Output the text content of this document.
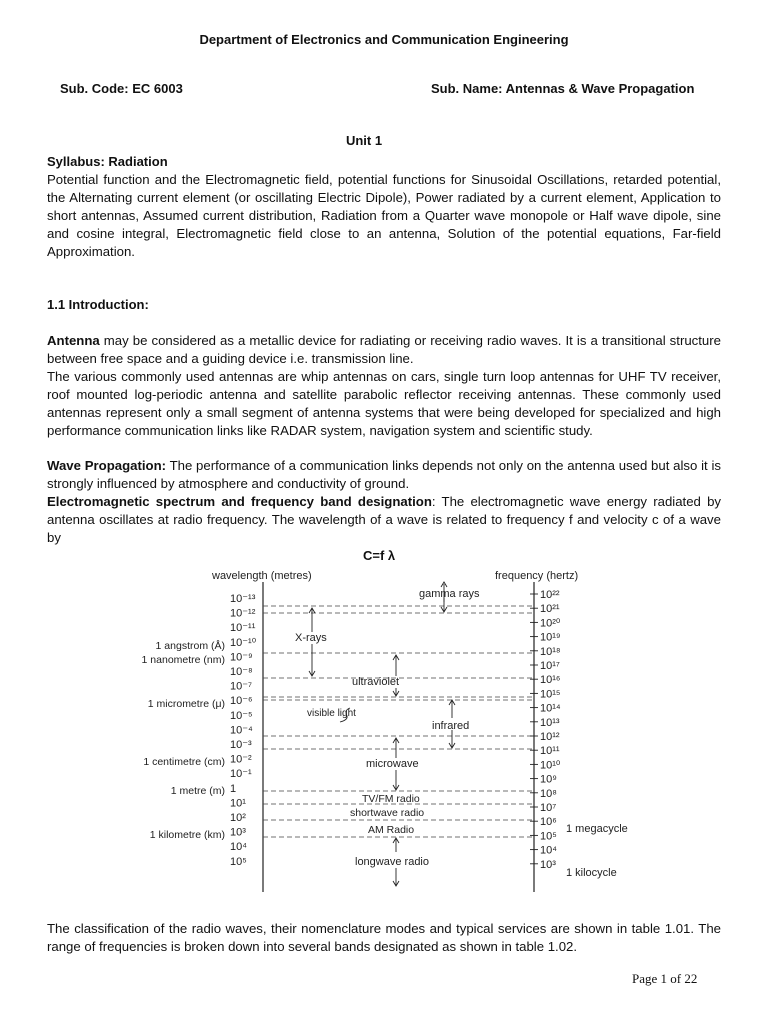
Department of Electronics and Communication Engineering
Sub. Code: EC 6003	Sub. Name: Antennas & Wave Propagation
Unit 1
Syllabus: Radiation

Potential function and the Electromagnetic field, potential functions for Sinusoidal Oscillations, retarded potential, the Alternating current element (or oscillating Electric Dipole), Power radiated by a current element, Application to short antennas, Assumed current distribution, Radiation from a Quarter wave monopole or Half wave dipole, sine and cosine integral, Electromagnetic field close to an antenna, Solution of the potential equations, Far-field Approximation.

1.1 Introduction:

Antenna may be considered as a metallic device for radiating or receiving radio waves. It is a transitional structure between free space and a guiding device i.e. transmission line.

The various commonly used antennas are whip antennas on cars, single turn loop antennas for UHF TV receiver, roof mounted log-periodic antenna and satellite parabolic reflector receiving antennas. These commonly used antennas represent only a small segment of antenna systems that were being developed for specialized and high performance communication links like RADAR system, navigation system and scientific study.

Wave Propagation: The performance of a communication links depends not only on the antenna used but also it is strongly influenced by atmosphere and conductivity of ground.

Electromagnetic spectrum and frequency band designation: The electromagnetic wave energy radiated by antenna oscillates at radio frequency. The wavelength of a wave is related to frequency f and velocity c of a wave by

C=f λ
wavelength (metres)	frequency (hertz)
gamma rays
X-rays
ultraviolet
visible light
infrared
microwave
TV/FM radio
shortwave radio
AM Radio
longwave radio
1 angstrom (Å)
1 nanometre (nm)
1 micrometre (μ)
1 centimetre (cm)
1 metre (m)
1 kilometre (km)	1 megacycle
1 kilocycle
10⁻¹³
10⁻¹²
10⁻¹¹
10⁻¹⁰
10⁻⁹
10⁻⁸
10⁻⁷
10⁻⁶
10⁻⁵
10⁻⁴
10⁻³
10⁻²
10⁻¹
1
10¹
10²
10³
10⁴
10⁵
10²²
10²¹
10²⁰
10¹⁹
10¹⁸
10¹⁷
10¹⁶
10¹⁵
10¹⁴
10¹³
10¹²
10¹¹
10¹⁰
10⁹
10⁸
10⁷
10⁶
10⁵
10⁴
10³

The classification of the radio waves, their nomenclature modes and typical services are shown in table 1.01. The range of frequencies is broken down into several bands designated as shown in table 1.02.

Page 1 of 22
